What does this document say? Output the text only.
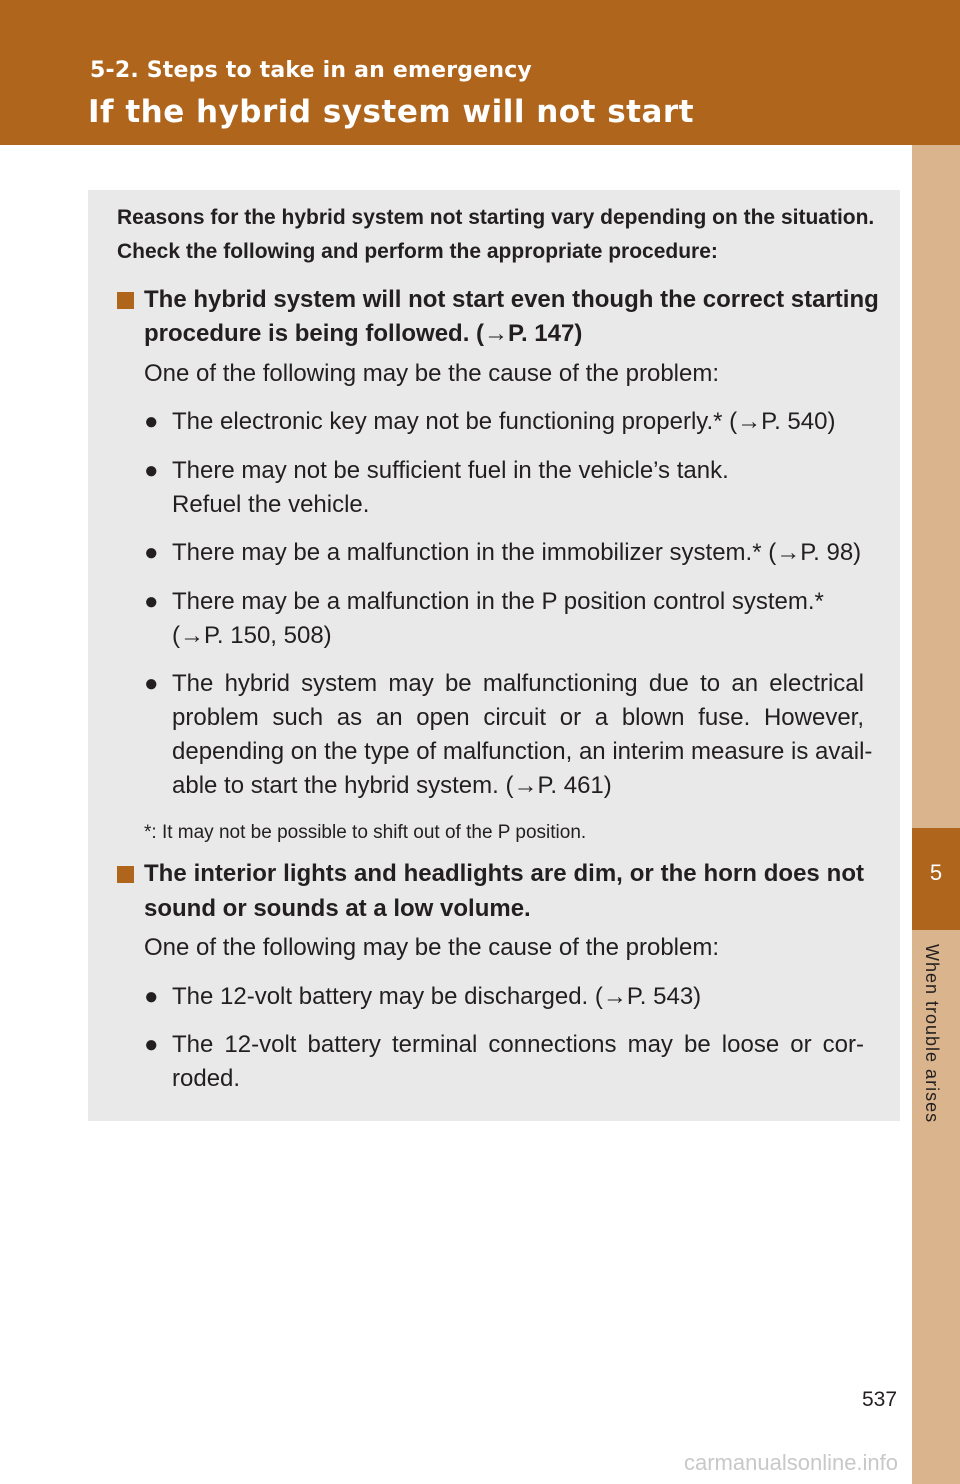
5-2. Steps to take in an emergency
If the hybrid system will not start
5
When trouble arises
Reasons for the hybrid system not starting vary depending on the situation.
Check the following and perform the appropriate procedure:
The hybrid system will not start even though the correct starting
procedure is being followed. (→P. 147)
One of the following may be the cause of the problem:
● The electronic key may not be functioning properly.* (→P. 540)
● There may not be sufficient fuel in the vehicle’s tank.
Refuel the vehicle.
● There may be a malfunction in the immobilizer system.* (→P. 98)
● There may be a malfunction in the P position control system.*
(→P. 150, 508)
● The hybrid system may be malfunctioning due to an electrical
problem such as an open circuit or a blown fuse. However,
depending on the type of malfunction, an interim measure is avail-
able to start the hybrid system. (→P. 461)
*: It may not be possible to shift out of the P position.
The interior lights and headlights are dim, or the horn does not
sound or sounds at a low volume.
One of the following may be the cause of the problem:
● The 12-volt battery may be discharged. (→P. 543)
● The 12-volt battery terminal connections may be loose or cor-
roded.
537
carmanualsonline.info
